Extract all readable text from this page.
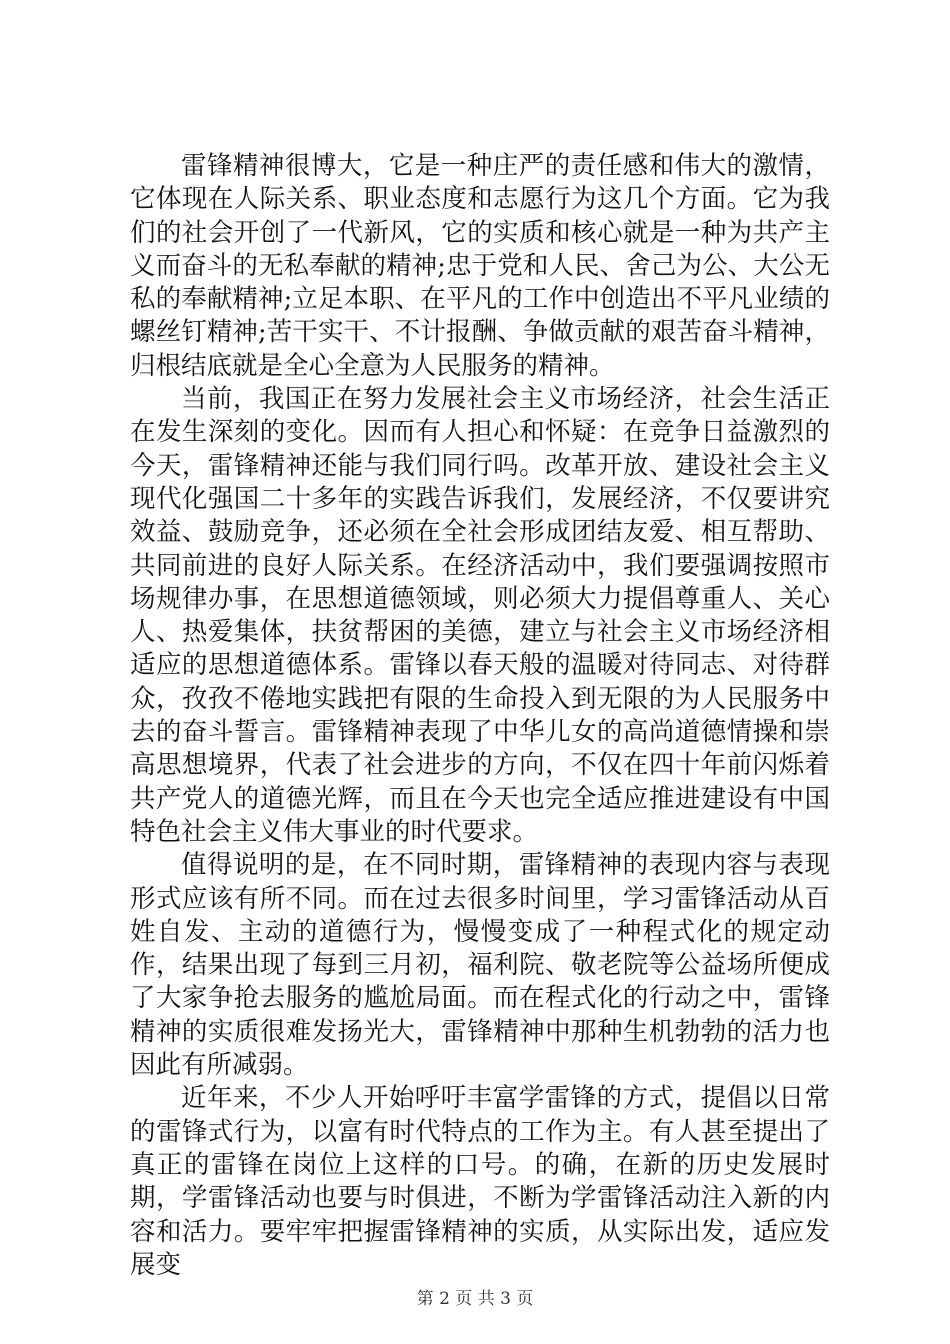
雷锋精神很博大，它是一种庄严的责任感和伟大的激情，它体现在人际关系、职业态度和志愿行为这几个方面。它为我们的社会开创了一代新风，它的实质和核心就是一种为共产主义而奋斗的无私奉献的精神;忠于党和人民、舍己为公、大公无私的奉献精神;立足本职、在平凡的工作中创造出不平凡业绩的螺丝钉精神;苦干实干、不计报酬、争做贡献的艰苦奋斗精神，归根结底就是全心全意为人民服务的精神。

当前，我国正在努力发展社会主义市场经济，社会生活正在发生深刻的变化。因而有人担心和怀疑：在竞争日益激烈的今天，雷锋精神还能与我们同行吗。改革开放、建设社会主义现代化强国二十多年的实践告诉我们，发展经济，不仅要讲究效益、鼓励竞争，还必须在全社会形成团结友爱、相互帮助、共同前进的良好人际关系。在经济活动中，我们要强调按照市场规律办事，在思想道德领域，则必须大力提倡尊重人、关心人、热爱集体，扶贫帮困的美德，建立与社会主义市场经济相适应的思想道德体系。雷锋以春天般的温暖对待同志、对待群众，孜孜不倦地实践把有限的生命投入到无限的为人民服务中去的奋斗誓言。雷锋精神表现了中华儿女的高尚道德情操和崇高思想境界，代表了社会进步的方向，不仅在四十年前闪烁着共产党人的道德光辉，而且在今天也完全适应推进建设有中国特色社会主义伟大事业的时代要求。

值得说明的是，在不同时期，雷锋精神的表现内容与表现形式应该有所不同。而在过去很多时间里，学习雷锋活动从百姓自发、主动的道德行为，慢慢变成了一种程式化的规定动作，结果出现了每到三月初，福利院、敬老院等公益场所便成了大家争抢去服务的尴尬局面。而在程式化的行动之中，雷锋精神的实质很难发扬光大，雷锋精神中那种生机勃勃的活力也因此有所减弱。

近年来，不少人开始呼吁丰富学雷锋的方式，提倡以日常的雷锋式行为，以富有时代特点的工作为主。有人甚至提出了真正的雷锋在岗位上这样的口号。的确，在新的历史发展时期，学雷锋活动也要与时俱进，不断为学雷锋活动注入新的内容和活力。要牢牢把握雷锋精神的实质，从实际出发，适应发展变

第 2 页 共 3 页
